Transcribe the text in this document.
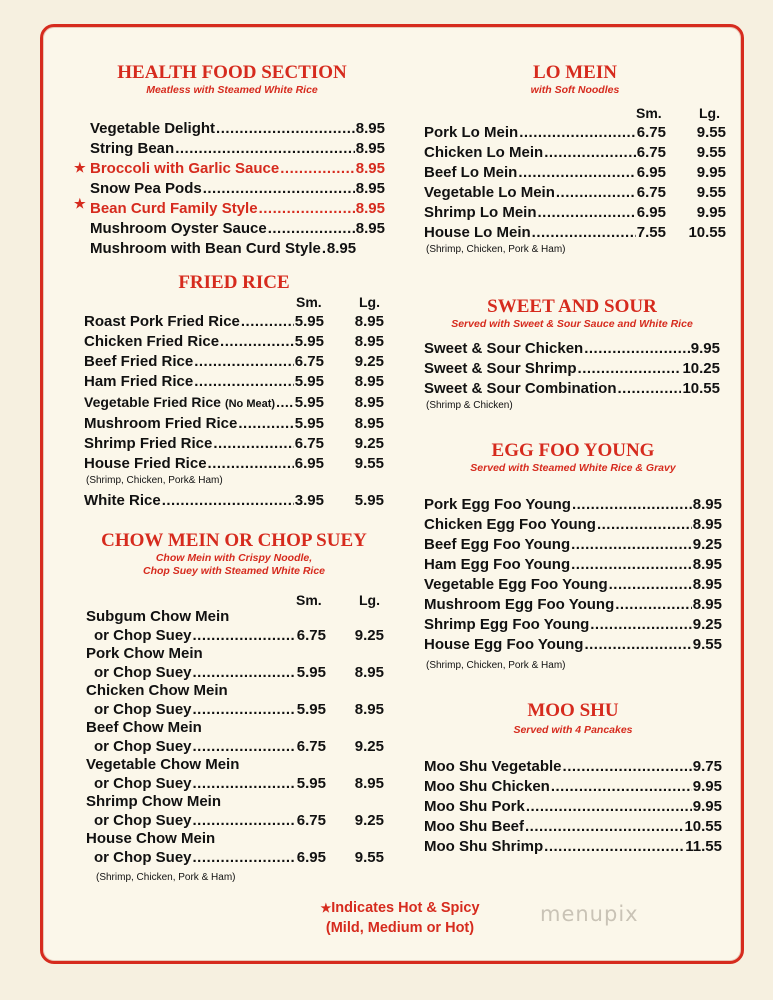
HEALTH FOOD SECTION
Meatless with Steamed White Rice
Vegetable Delight .....	8.95
String Bean .....	8.95
Broccoli with Garlic Sauce .....	8.95
Snow Pea Pods .....	8.95
Bean Curd Family Style .....	8.95
Mushroom Oyster Sauce .....	8.95
Mushroom with Bean Curd Style ..... 8.95
★
★
FRIED RICE
Sm.	Lg.
Roast Pork Fried Rice .....	5.95	8.95
Chicken Fried Rice .....	5.95	8.95
Beef Fried Rice .....	6.75	9.25
Ham Fried Rice .....	5.95	8.95
Vegetable Fried Rice (No Meat) ..... 5.95	8.95
Mushroom Fried Rice .....	5.95	8.95
Shrimp Fried Rice .....	6.75	9.25
House Fried Rice .....	6.95	9.55
(Shrimp, Chicken, Pork& Ham)
White Rice .....	3.95	5.95
CHOW MEIN OR CHOP SUEY
Chow Mein with Crispy Noodle,
Chop Suey with Steamed White Rice
Sm.	Lg.
Subgum Chow Mein
or Chop Suey .....	6.75	9.25
Pork Chow Mein
or Chop Suey .....	5.95	8.95
Chicken Chow Mein
or Chop Suey .....	5.95	8.95
Beef Chow Mein
or Chop Suey .....	6.75	9.25
Vegetable Chow Mein
or Chop Suey .....	5.95	8.95
Shrimp Chow Mein
or Chop Suey .....	6.75	9.25
House Chow Mein
or Chop Suey .....	6.95	9.55
(Shrimp, Chicken, Pork & Ham)
LO MEIN
with Soft Noodles
Sm.	Lg.
Pork Lo Mein .....	6.75	9.55
Chicken Lo Mein .....	6.75	9.55
Beef Lo Mein .....	6.95	9.95
Vegetable Lo Mein .....	6.75	9.55
Shrimp Lo Mein .....	6.95	9.95
House Lo Mein .....	7.55	10.55
(Shrimp, Chicken, Pork & Ham)
SWEET AND SOUR
Served with Sweet & Sour Sauce and White Rice
Sweet & Sour Chicken .....	9.95
Sweet & Sour Shrimp .....	10.25
Sweet & Sour Combination .....	10.55
(Shrimp & Chicken)
EGG FOO YOUNG
Served with Steamed White Rice & Gravy
Pork Egg Foo Young .....	8.95
Chicken Egg Foo Young .....	8.95
Beef Egg Foo Young .....	9.25
Ham Egg Foo Young .....	8.95
Vegetable Egg Foo Young .....	8.95
Mushroom Egg Foo Young .....	8.95
Shrimp Egg Foo Young .....	9.25
House Egg Foo Young .....	9.55
(Shrimp, Chicken, Pork & Ham)
MOO SHU
Served with 4 Pancakes
Moo Shu Vegetable .....	9.75
Moo Shu Chicken .....	9.95
Moo Shu Pork .....	9.95
Moo Shu Beef .....	10.55
Moo Shu Shrimp .....	11.55
★Indicates Hot & Spicy
(Mild, Medium or Hot)
menupix
